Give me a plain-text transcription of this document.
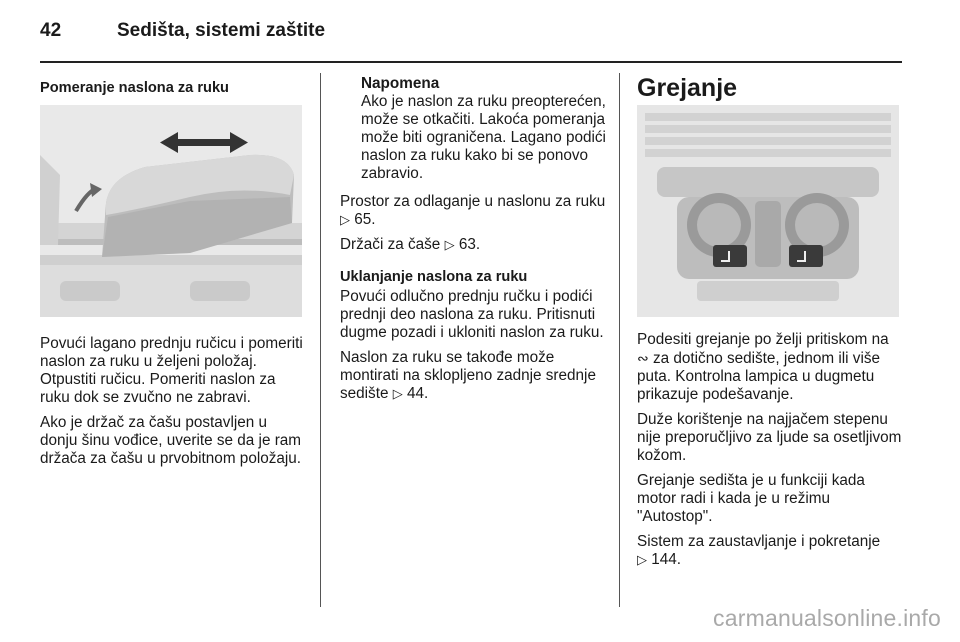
42	Sedišta, sistemi zaštite
Pomeranje naslona za ruku

Povući lagano prednju ručicu i pomeriti naslon za ruku u željeni položaj. Otpustiti ručicu. Pomeriti naslon za ruku dok se zvučno ne zabravi.

Ako je držač za čašu postavljen u donju šinu vođice, uverite se da je ram držača za čašu u prvobitnom položaju.

Napomena
Ako je naslon za ruku preopterećen, može se otkačiti. Lakoća pomeranja može biti ograničena. Lagano podići naslon za ruku kako bi se ponovo zabravio.

Prostor za odlaganje u naslonu za ruku ▷ 65.

Držači za čaše ▷ 63.

Uklanjanje naslona za ruku

Povući odlučno prednju ručku i podići prednji deo naslona za ruku. Pritisnuti dugme pozadi i ukloniti naslon za ruku.

Naslon za ruku se takođe može montirati na sklopljeno zadnje srednje sedište ▷ 44.

Grejanje

Podesiti grejanje po želji pritiskom na ∾ za dotično sedište, jednom ili više puta. Kontrolna lampica u dugmetu prikazuje podešavanje.

Duže korištenje na najjačem stepenu nije preporučljivo za ljude sa osetljivom kožom.

Grejanje sedišta je u funkciji kada motor radi i kada je u režimu "Autostop".

Sistem za zaustavljanje i pokretanje
▷ 144.

carmanualsonline.info
